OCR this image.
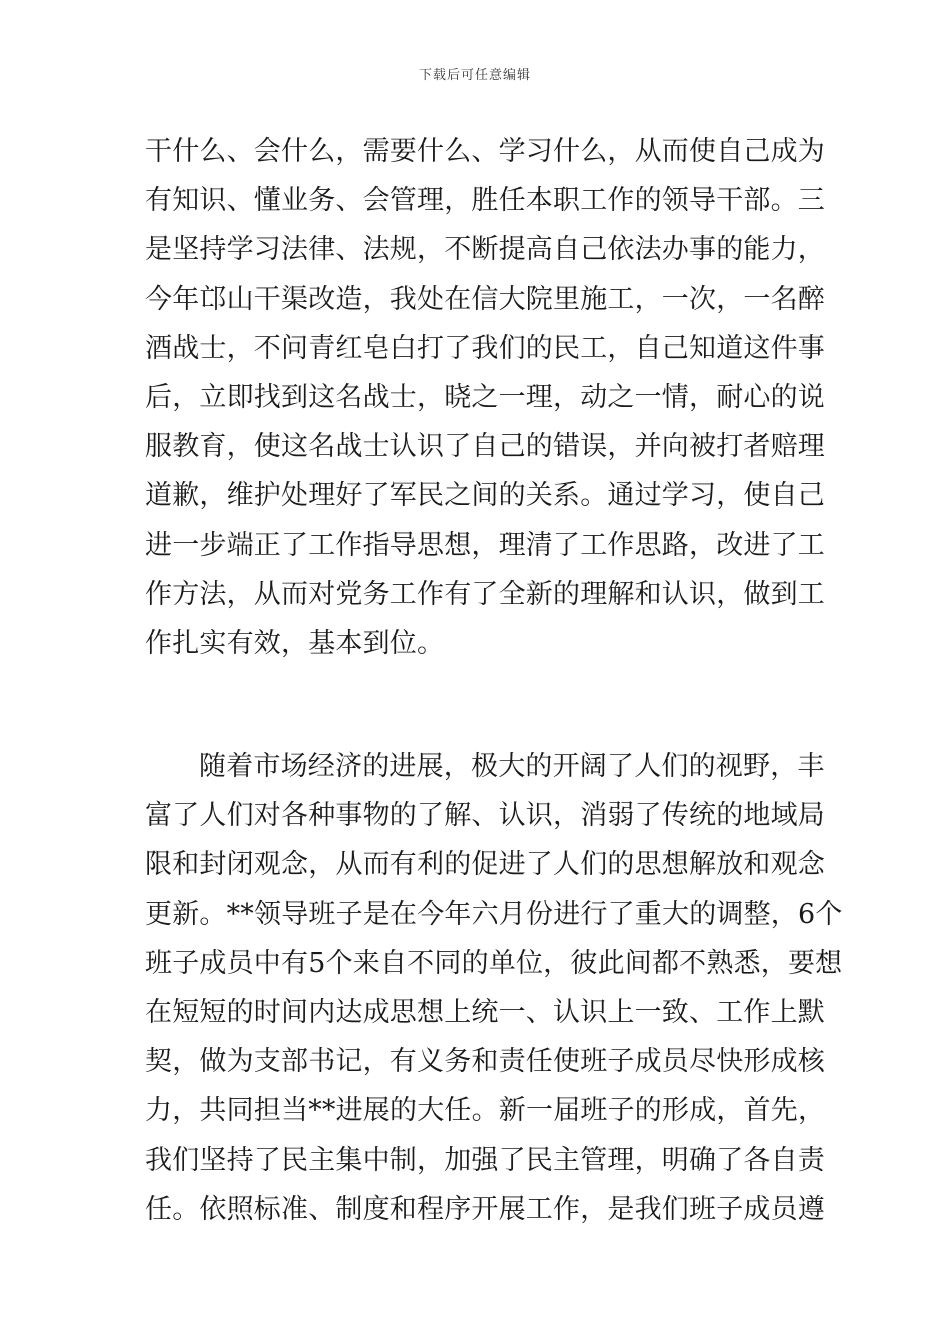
下载后可任意编辑
干什么、会什么，需要什么、学习什么，从而使自己成为
有知识、懂业务、会管理，胜任本职工作的领导干部。三
是坚持学习法律、法规，不断提高自己依法办事的能力，
今年邙山干渠改造，我处在信大院里施工，一次，一名醉
酒战士，不问青红皂白打了我们的民工，自己知道这件事
后，立即找到这名战士，晓之一理，动之一情，耐心的说
服教育，使这名战士认识了自己的错误，并向被打者赔理
道歉，维护处理好了军民之间的关系。通过学习，使自己
进一步端正了工作指导思想，理清了工作思路，改进了工
作方法，从而对党务工作有了全新的理解和认识，做到工
作扎实有效，基本到位。
随着市场经济的进展，极大的开阔了人们的视野，丰
富了人们对各种事物的了解、认识，消弱了传统的地域局
限和封闭观念，从而有利的促进了人们的思想解放和观念
更新。**领导班子是在今年六月份进行了重大的调整，6个
班子成员中有5个来自不同的单位，彼此间都不熟悉，要想
在短短的时间内达成思想上统一、认识上一致、工作上默
契，做为支部书记，有义务和责任使班子成员尽快形成核
力，共同担当**进展的大任。新一届班子的形成，首先，
我们坚持了民主集中制，加强了民主管理，明确了各自责
任。依照标准、制度和程序开展工作，是我们班子成员遵
